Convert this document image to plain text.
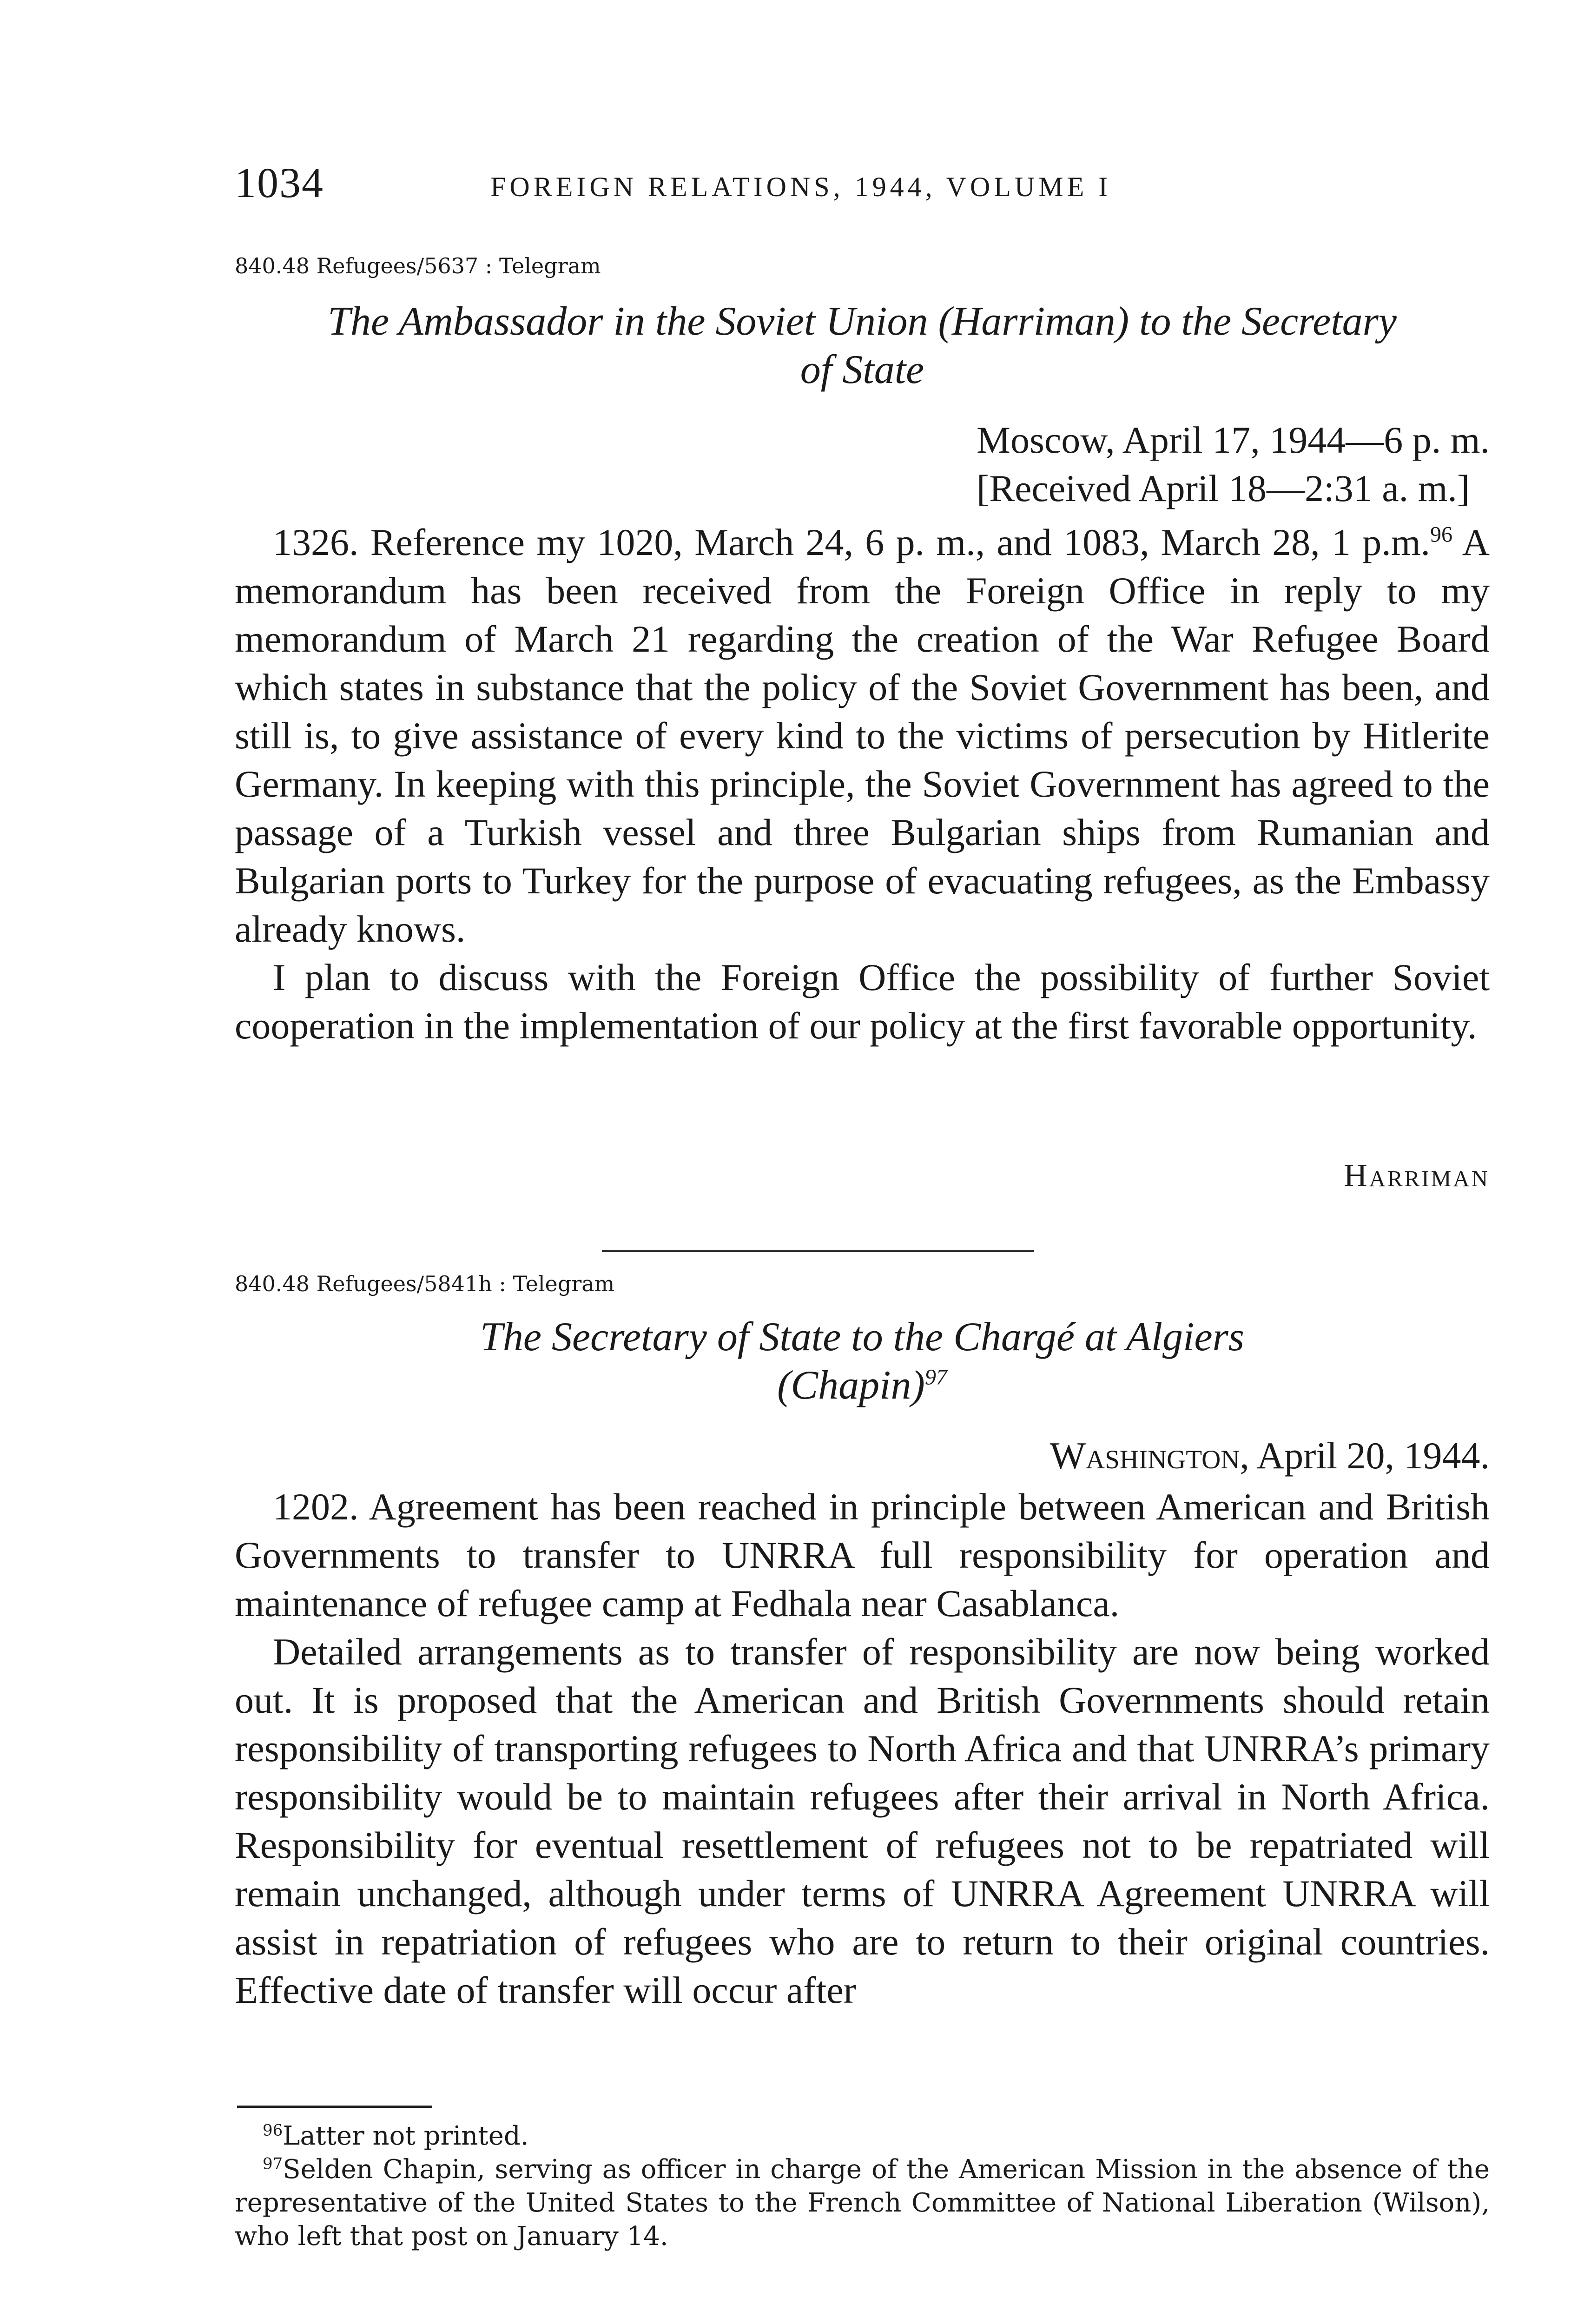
1034	FOREIGN RELATIONS, 1944, VOLUME I
840.48 Refugees/5637 : Telegram
The Ambassador in the Soviet Union (Harriman) to the Secretary
of State
Moscow, April 17, 1944—6 p. m.
[Received April 18—2:31 a. m.]

1326. Reference my 1020, March 24, 6 p. m., and 1083, March 28, 1 p.m.$^{96}$ A memorandum has been received from the Foreign Office in reply to my memorandum of March 21 regarding the creation of the War Refugee Board which states in substance that the policy of the Soviet Government has been, and still is, to give assistance of every kind to the victims of persecution by Hitlerite Germany. In keeping with this principle, the Soviet Government has agreed to the passage of a Turkish vessel and three Bulgarian ships from Rumanian and Bulgarian ports to Turkey for the purpose of evacuating refugees, as the Embassy already knows.

I plan to discuss with the Foreign Office the possibility of further Soviet cooperation in the implementation of our policy at the first favorable opportunity.

Harriman
840.48 Refugees/5841h : Telegram
The Secretary of State to the Chargé at Algiers
(Chapin)$^{97}$
Washington, April 20, 1944.

1202. Agreement has been reached in principle between American and British Governments to transfer to UNRRA full responsibility for operation and maintenance of refugee camp at Fedhala near Casablanca.

Detailed arrangements as to transfer of responsibility are now being worked out. It is proposed that the American and British Governments should retain responsibility of transporting refugees to North Africa and that UNRRA’s primary responsibility would be to maintain refugees after their arrival in North Africa. Responsibility for eventual resettlement of refugees not to be repatriated will remain unchanged, although under terms of UNRRA Agreement UNRRA will assist in repatriation of refugees who are to return to their original countries. Effective date of transfer will occur after

$^{96}$Latter not printed.

$^{97}$Selden Chapin, serving as officer in charge of the American Mission in the absence of the representative of the United States to the French Committee of National Liberation (Wilson), who left that post on January 14.
